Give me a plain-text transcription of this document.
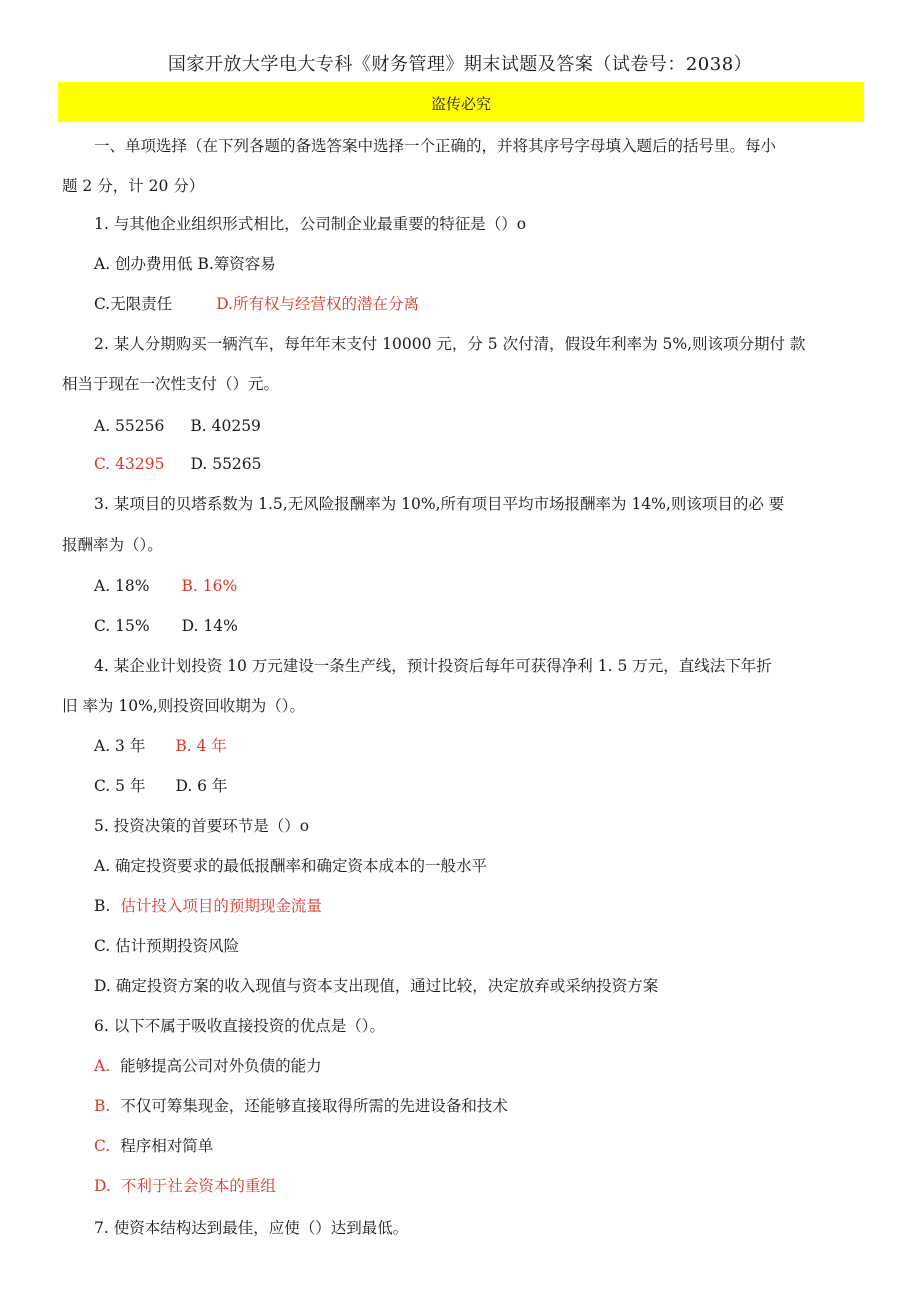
国家开放大学电大专科《财务管理》期末试题及答案（试卷号：2038）
盗传必究
一、单项选择（在下列各题的备选答案中选择一个正确的，并将其序号字母填入题后的括号里。每小
题 2 分，计 20 分）
1. 与其他企业组织形式相比，公司制企业最重要的特征是（）o
A. 创办费用低 B.筹资容易
C.无限责任	D.所有权与经营权的潜在分离
2. 某人分期购买一辆汽车，每年年末支付 10000 元，分 5 次付清，假设年利率为 5%,则该项分期付 款
相当于现在一次性支付（）元。
A. 55256 B. 40259
C. 43295 D. 55265
3. 某项目的贝塔系数为 1.5,无风险报酬率为 10%,所有项目平均市场报酬率为 14%,则该项目的必 要
报酬率为（）。
A. 18% B. 16%
C. 15% D. 14%
4. 某企业计划投资 10 万元建设一条生产线，预计投资后每年可获得净利 1. 5 万元，直线法下年折
旧 率为 10%,则投资回收期为（）。
A. 3 年 B. 4 年
C. 5 年 D. 6 年
5. 投资决策的首要环节是（）o
A. 确定投资要求的最低报酬率和确定资本成本的一般水平
B. 估计投入项目的预期现金流量
C. 估计预期投资风险
D. 确定投资方案的收入现值与资本支出现值，通过比较，决定放弃或采纳投资方案
6. 以下不属于吸收直接投资的优点是（）。
A. 能够提高公司对外负债的能力
B. 不仅可筹集现金，还能够直接取得所需的先进设备和技术
C. 程序相对简单
D. 不利于社会资本的重组
7. 使资本结构达到最佳，应使（）达到最低。
